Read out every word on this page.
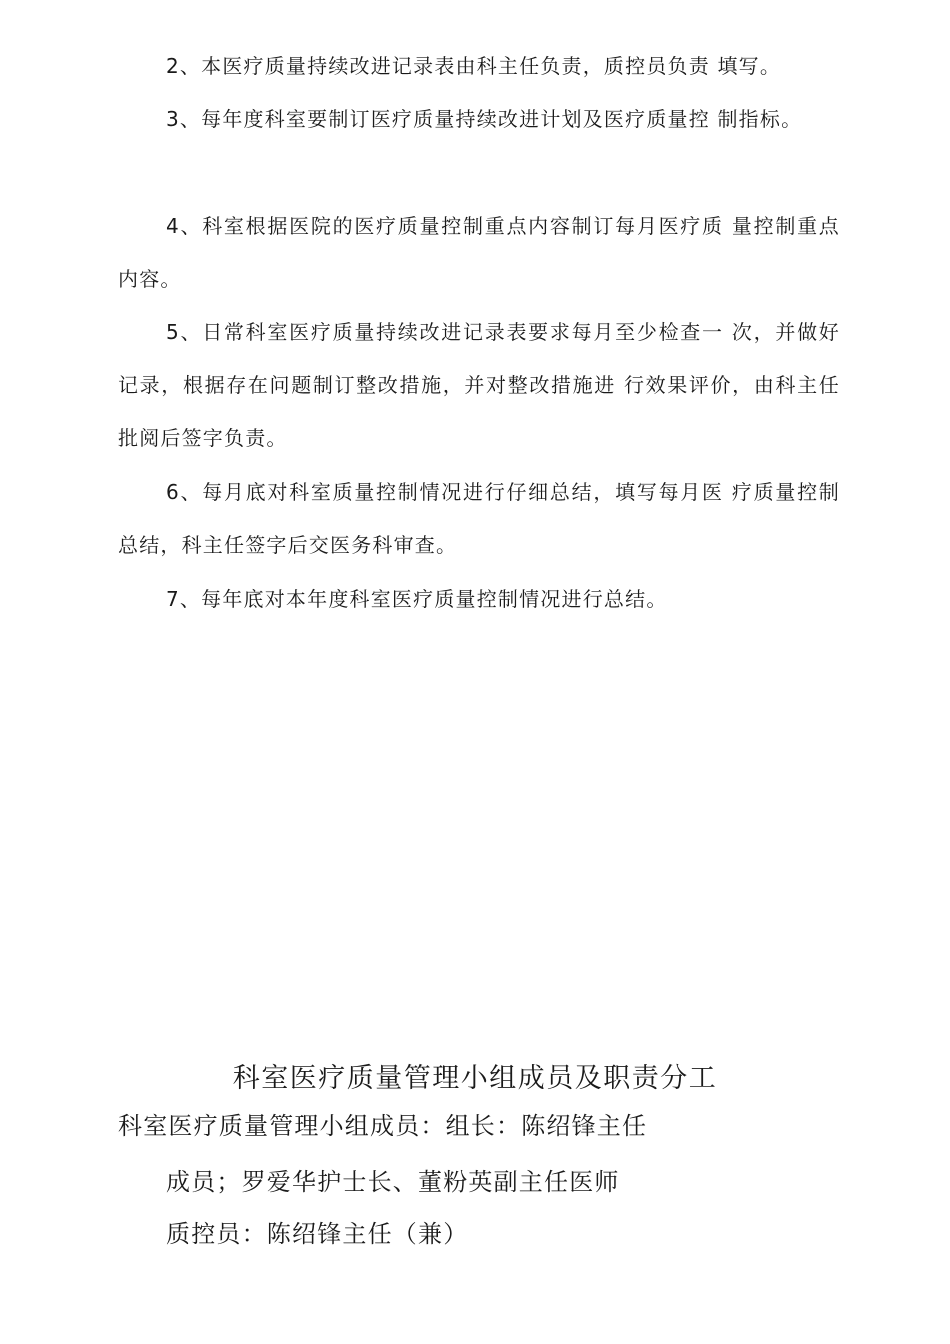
2、本医疗质量持续改进记录表由科主任负责，质控员负责 填写。

3、每年度科室要制订医疗质量持续改进计划及医疗质量控 制指标。

4、科室根据医院的医疗质量控制重点内容制订每月医疗质 量控制重点内容。

5、日常科室医疗质量持续改进记录表要求每月至少检查一 次，并做好记录，根据存在问题制订整改措施，并对整改措施进 行效果评价，由科主任批阅后签字负责。

6、每月底对科室质量控制情况进行仔细总结，填写每月医 疗质量控制总结，科主任签字后交医务科审查。

7、每年底对本年度科室医疗质量控制情况进行总结。

科室医疗质量管理小组成员及职责分工

科室医疗质量管理小组成员：组长：陈绍锋主任

成员；罗爱华护士长、董粉英副主任医师

质控员：陈绍锋主任（兼）
